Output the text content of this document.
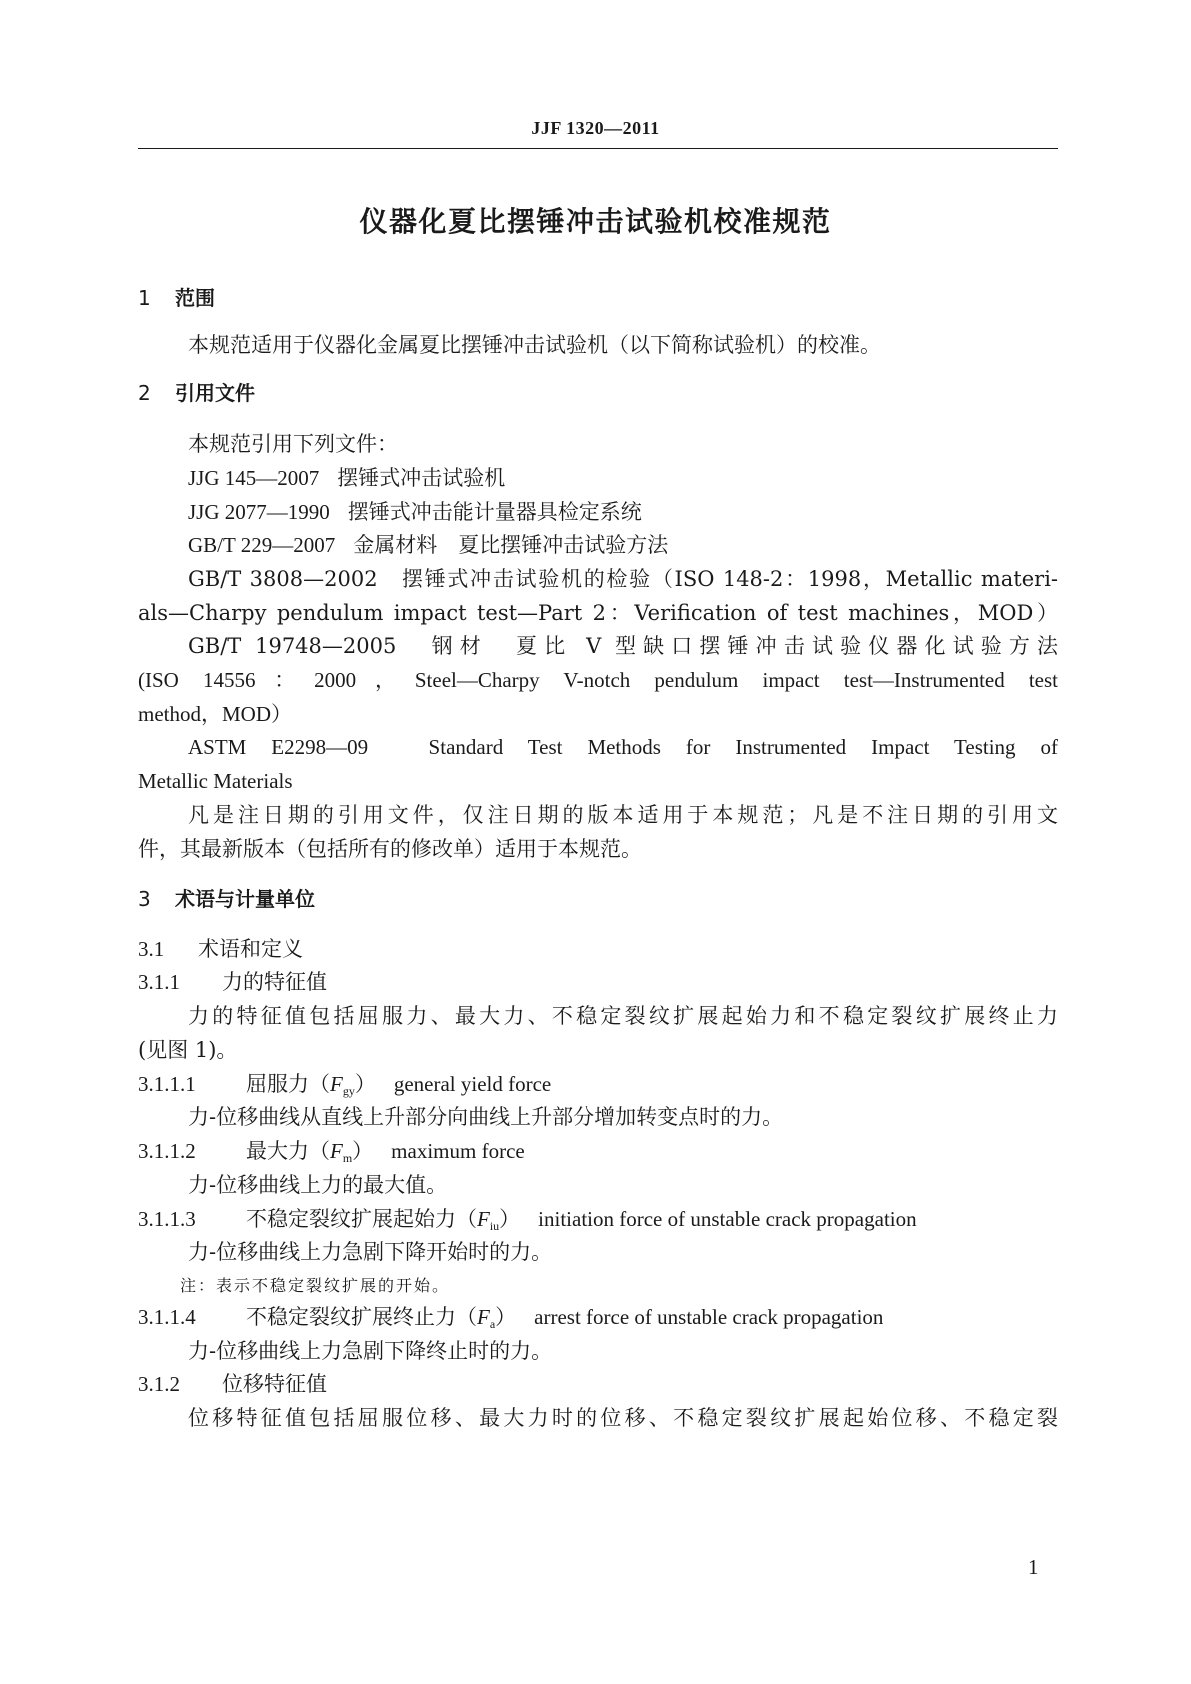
JJF 1320—2011
仪器化夏比摆锤冲击试验机校准规范
1 范围
本规范适用于仪器化金属夏比摆锤冲击试验机（以下简称试验机）的校准。
2 引用文件
本规范引用下列文件：
JJG 145—2007 摆锤式冲击试验机
JJG 2077—1990 摆锤式冲击能计量器具检定系统
GB/T 229—2007 金属材料　夏比摆锤冲击试验方法
GB/T 3808—2002　摆锤式冲击试验机的检验（ISO 148-2：1998，Metallic materi-
als—Charpy pendulum impact test—Part 2：Verification of test machines，MOD）
GB/T 19748—2005　钢材　夏比 V 型缺口摆锤冲击试验仪器化试验方法
(ISO 14556：2000，Steel—Charpy V-notch pendulum impact test—Instrumented test
method，MOD）
ASTM E2298—09　Standard Test Methods for Instrumented Impact Testing of
Metallic Materials
凡是注日期的引用文件，仅注日期的版本适用于本规范；凡是不注日期的引用文
件，其最新版本（包括所有的修改单）适用于本规范。
3 术语与计量单位
3.1 术语和定义
3.1.1 力的特征值
力的特征值包括屈服力、最大力、不稳定裂纹扩展起始力和不稳定裂纹扩展终止力
(见图 1)。
3.1.1.1 屈服力$(F_{gy})$ general yield force
力-位移曲线从直线上升部分向曲线上升部分增加转变点时的力。
3.1.1.2 最大力$(F_m)$ maximum force
力-位移曲线上力的最大值。
3.1.1.3 不稳定裂纹扩展起始力$(F_{iu})$ initiation force of unstable crack propagation
力-位移曲线上力急剧下降开始时的力。
注：表示不稳定裂纹扩展的开始。
3.1.1.4 不稳定裂纹扩展终止力$(F_a)$ arrest force of unstable crack propagation
力-位移曲线上力急剧下降终止时的力。
3.1.2 位移特征值
位移特征值包括屈服位移、最大力时的位移、不稳定裂纹扩展起始位移、不稳定裂
1
